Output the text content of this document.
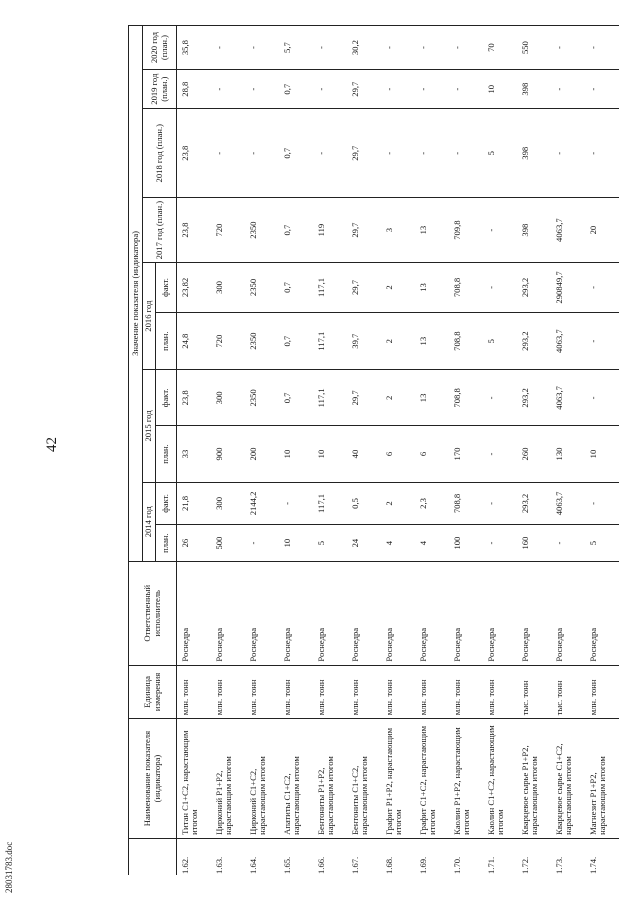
42
28031783.doc
	Наименование показателя (индикатора)	Единица измерения	Ответственный исполнитель	Значение показателя (индикатора)									
				2014 год		2015 год		2016 год		2017 год (план.)	2018 год (план.)	2019 год (план.)	2020 год (план.)
				план.	факт.	план.	факт.	план.	факт.				
1.62.	Титан С1+С2, нарастающим итогом	млн. тонн	Роснедра	26	21,8	33	23,8	24,8	23,82	23,8	23,8	28,8	35,8
1.63.	Цирконий Р1+Р2, нарастающим итогом	млн. тонн	Роснедра	500	300	900	300	720	300	720	-	-	-
1.64.	Цирконий С1+С2, нарастающим итогом	млн. тонн	Роснедра	-	2144,2	200	2350	2350	2350	2350	-	-	-
1.65.	Апатиты С1+С2, нарастающим итогом	млн. тонн	Роснедра	10	-	10	0,7	0,7	0,7	0,7	0,7	0,7	5,7
1.66.	Бентониты Р1+Р2, нарастающим итогом	млн. тонн	Роснедра	5	117,1	10	117,1	117,1	117,1	119	-	-	-
1.67.	Бентониты С1+С2, нарастающим итогом	млн. тонн	Роснедра	24	0,5	40	29,7	39,7	29,7	29,7	29,7	29,7	30,2
1.68.	Графит Р1+Р2, нарастающим итогом	млн. тонн	Роснедра	4	2	6	2	2	2	3	-	-	-
1.69.	Графит С1+С2, нарастающим итогом	млн. тонн	Роснедра	4	2,3	6	13	13	13	13	-	-	-
1.70.	Каолин Р1+Р2, нарастающим итогом	млн. тонн	Роснедра	100	708,8	170	708,8	708,8	708,8	709,8	-	-	-
1.71.	Каолин С1+С2, нарастающим итогом	млн. тонн	Роснедра	-	-	-	-	5	-	-	5	10	70
1.72.	Кварцевое сырье Р1+Р2, нарастающим итогом	тыс. тонн	Роснедра	160	293,2	260	293,2	293,2	293,2	398	398	398	550
1.73.	Кварцевое сырье С1+С2, нарастающим итогом	тыс. тонн	Роснедра	-	4063,7	130	4063,7	4063,7	290849,7	4063,7	-	-	-
1.74.	Магнезит Р1+Р2, нарастающим итогом	млн. тонн	Роснедра	5	-	10	-	-	-	20	-	-	-
